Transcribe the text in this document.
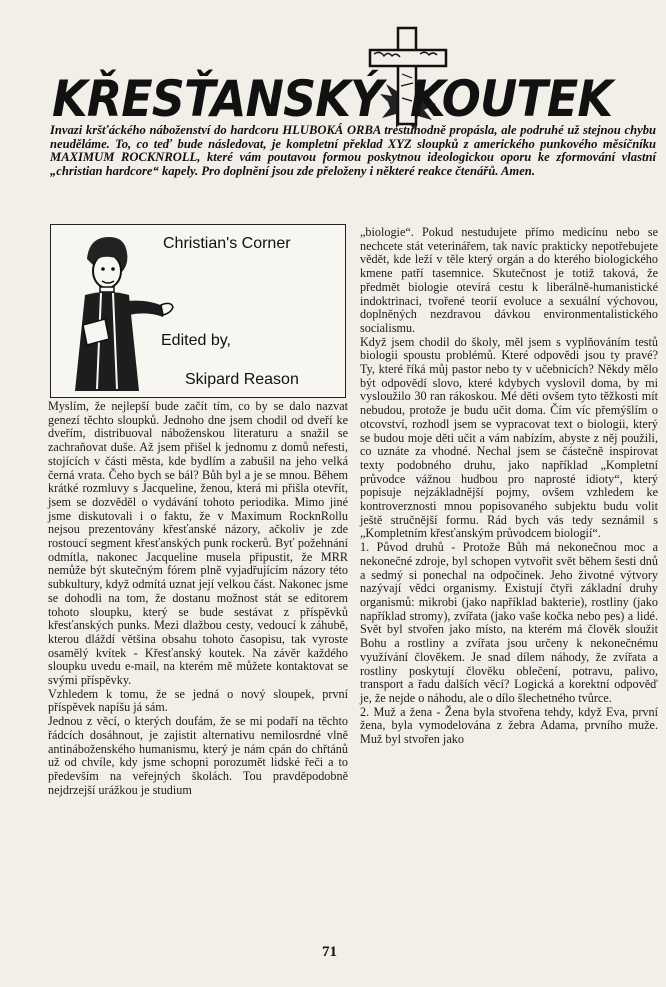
KŘESŤANSKÝ KOUTEK
Invazi kršťáckého náboženství do hardcoru HLUBOKÁ ORBA trestuhodně propásla, ale podruhé už stejnou chybu neuděláme. To, co teď bude následovat, je kompletní překlad XYZ sloupků z amerického punkového měsíčníku MAXIMUM ROCKNROLL, které vám poutavou formou poskytnou ideologickou oporu ke zformování vlastní „christian hardcore“ kapely. Pro doplnění jsou zde přeloženy i některé reakce čtenářů. Amen.
Christian's Corner
Edited by,
Skipard Reason

Myslím, že nejlepší bude začít tím, co by se dalo nazvat genezí těchto sloupků. Jednoho dne jsem chodil od dveří ke dveřím, distribuoval náboženskou literaturu a snažil se zachraňovat duše. Až jsem přišel k jednomu z domů neřesti, stojících v části města, kde bydlím a zabušil na jeho velká černá vrata. Čeho bych se bál? Bůh byl a je se mnou. Během krátké rozmluvy s Jacqueline, ženou, která mi přišla otevřít, jsem se dozvěděl o vydávání tohoto periodika. Mimo jiné jsme diskutovali i o faktu, že v Maximum RocknRollu nejsou prezentovány křesťanské názory, ačkoliv je zde rostoucí segment křesťanských punk rockerů. Byť požehnání odmítla, nakonec Jacqueline musela připustit, že MRR nemůže být skutečným fórem plně vyjadřujícím názory této subkultury, když odmítá uznat její velkou část. Nakonec jsme se dohodli na tom, že dostanu možnost stát se editorem tohoto sloupku, který se bude sestávat z příspěvků křesťanských punks. Mezi dlažbou cesty, vedoucí k záhubě, kterou dláždí většina obsahu tohoto časopisu, tak vyroste osamělý kvítek - Křesťanský koutek. Na závěr každého sloupku uvedu e-mail, na kterém mě můžete kontaktovat se svými příspěvky.

Vzhledem k tomu, že se jedná o nový sloupek, první příspěvek napíšu já sám.

Jednou z věcí, o kterých doufám, že se mi podaří na těchto řádcích dosáhnout, je zajistit alternativu nemilosrdné vlně antináboženského humanismu, který je nám cpán do chřtánů už od chvíle, kdy jsme schopni porozumět lidské řeči a to především na veřejných školách. Tou pravděpodobně nejdrzejší urážkou je studium

„biologie“. Pokud nestudujete přímo medicínu nebo se nechcete stát veterinářem, tak navíc prakticky nepotřebujete vědět, kde leží v těle který orgán a do kterého biologického kmene patří tasemnice. Skutečnost je totiž taková, že předmět biologie otevírá cestu k liberálně-humanistické indoktrinaci, tvořené teorií evoluce a sexuální výchovou, doplněných nezdravou dávkou environmentalistického socialismu.

Když jsem chodil do školy, měl jsem s vyplňováním testů biologii spoustu problémů. Které odpovědi jsou ty pravé? Ty, které říká můj pastor nebo ty v učebnicích? Někdy mělo být odpovědí slovo, které kdybych vyslovil doma, by mi vysloužilo 30 ran rákoskou. Mé děti ovšem tyto těžkosti mít nebudou, protože je budu učit doma. Čím víc přemýšlím o otcovství, rozhodl jsem se vypracovat text o biologii, který se budou moje děti učit a vám nabízím, abyste z něj použili, co uznáte za vhodné. Nechal jsem se částečně inspirovat texty podobného druhu, jako například „Kompletní průvodce vážnou hudbou pro naprosté idioty“, který popisuje nejzákladnější pojmy, ovšem vzhledem ke kontroverznosti mnou popisovaného subjektu budu volit ještě stručnější formu. Rád bych vás tedy seznámil s „Kompletním křesťanským průvodcem biologií“.

1. Původ druhů - Protože Bůh má nekonečnou moc a nekonečné zdroje, byl schopen vytvořit svět během šesti dnů a sedmý si ponechal na odpočinek. Jeho životné výtvory nazývají vědci organismy. Existují čtyři základní druhy organismů: mikrobi (jako například bakterie), rostliny (jako například stromy), zvířata (jako vaše kočka nebo pes) a lidé. Svět byl stvořen jako místo, na kterém má člověk sloužit Bohu a rostliny a zvířata jsou určeny k nekonečnému využívání člověkem. Je snad dílem náhody, že zvířata a rostliny poskytují člověku oblečení, potravu, palivo, transport a řadu dalších věcí? Logická a korektní odpověď je, že nejde o náhodu, ale o dílo šlechetného tvůrce.

2. Muž a žena - Žena byla stvořena tehdy, když Eva, první žena, byla vymodelována z žebra Adama, prvního muže. Muž byl stvořen jako

71
